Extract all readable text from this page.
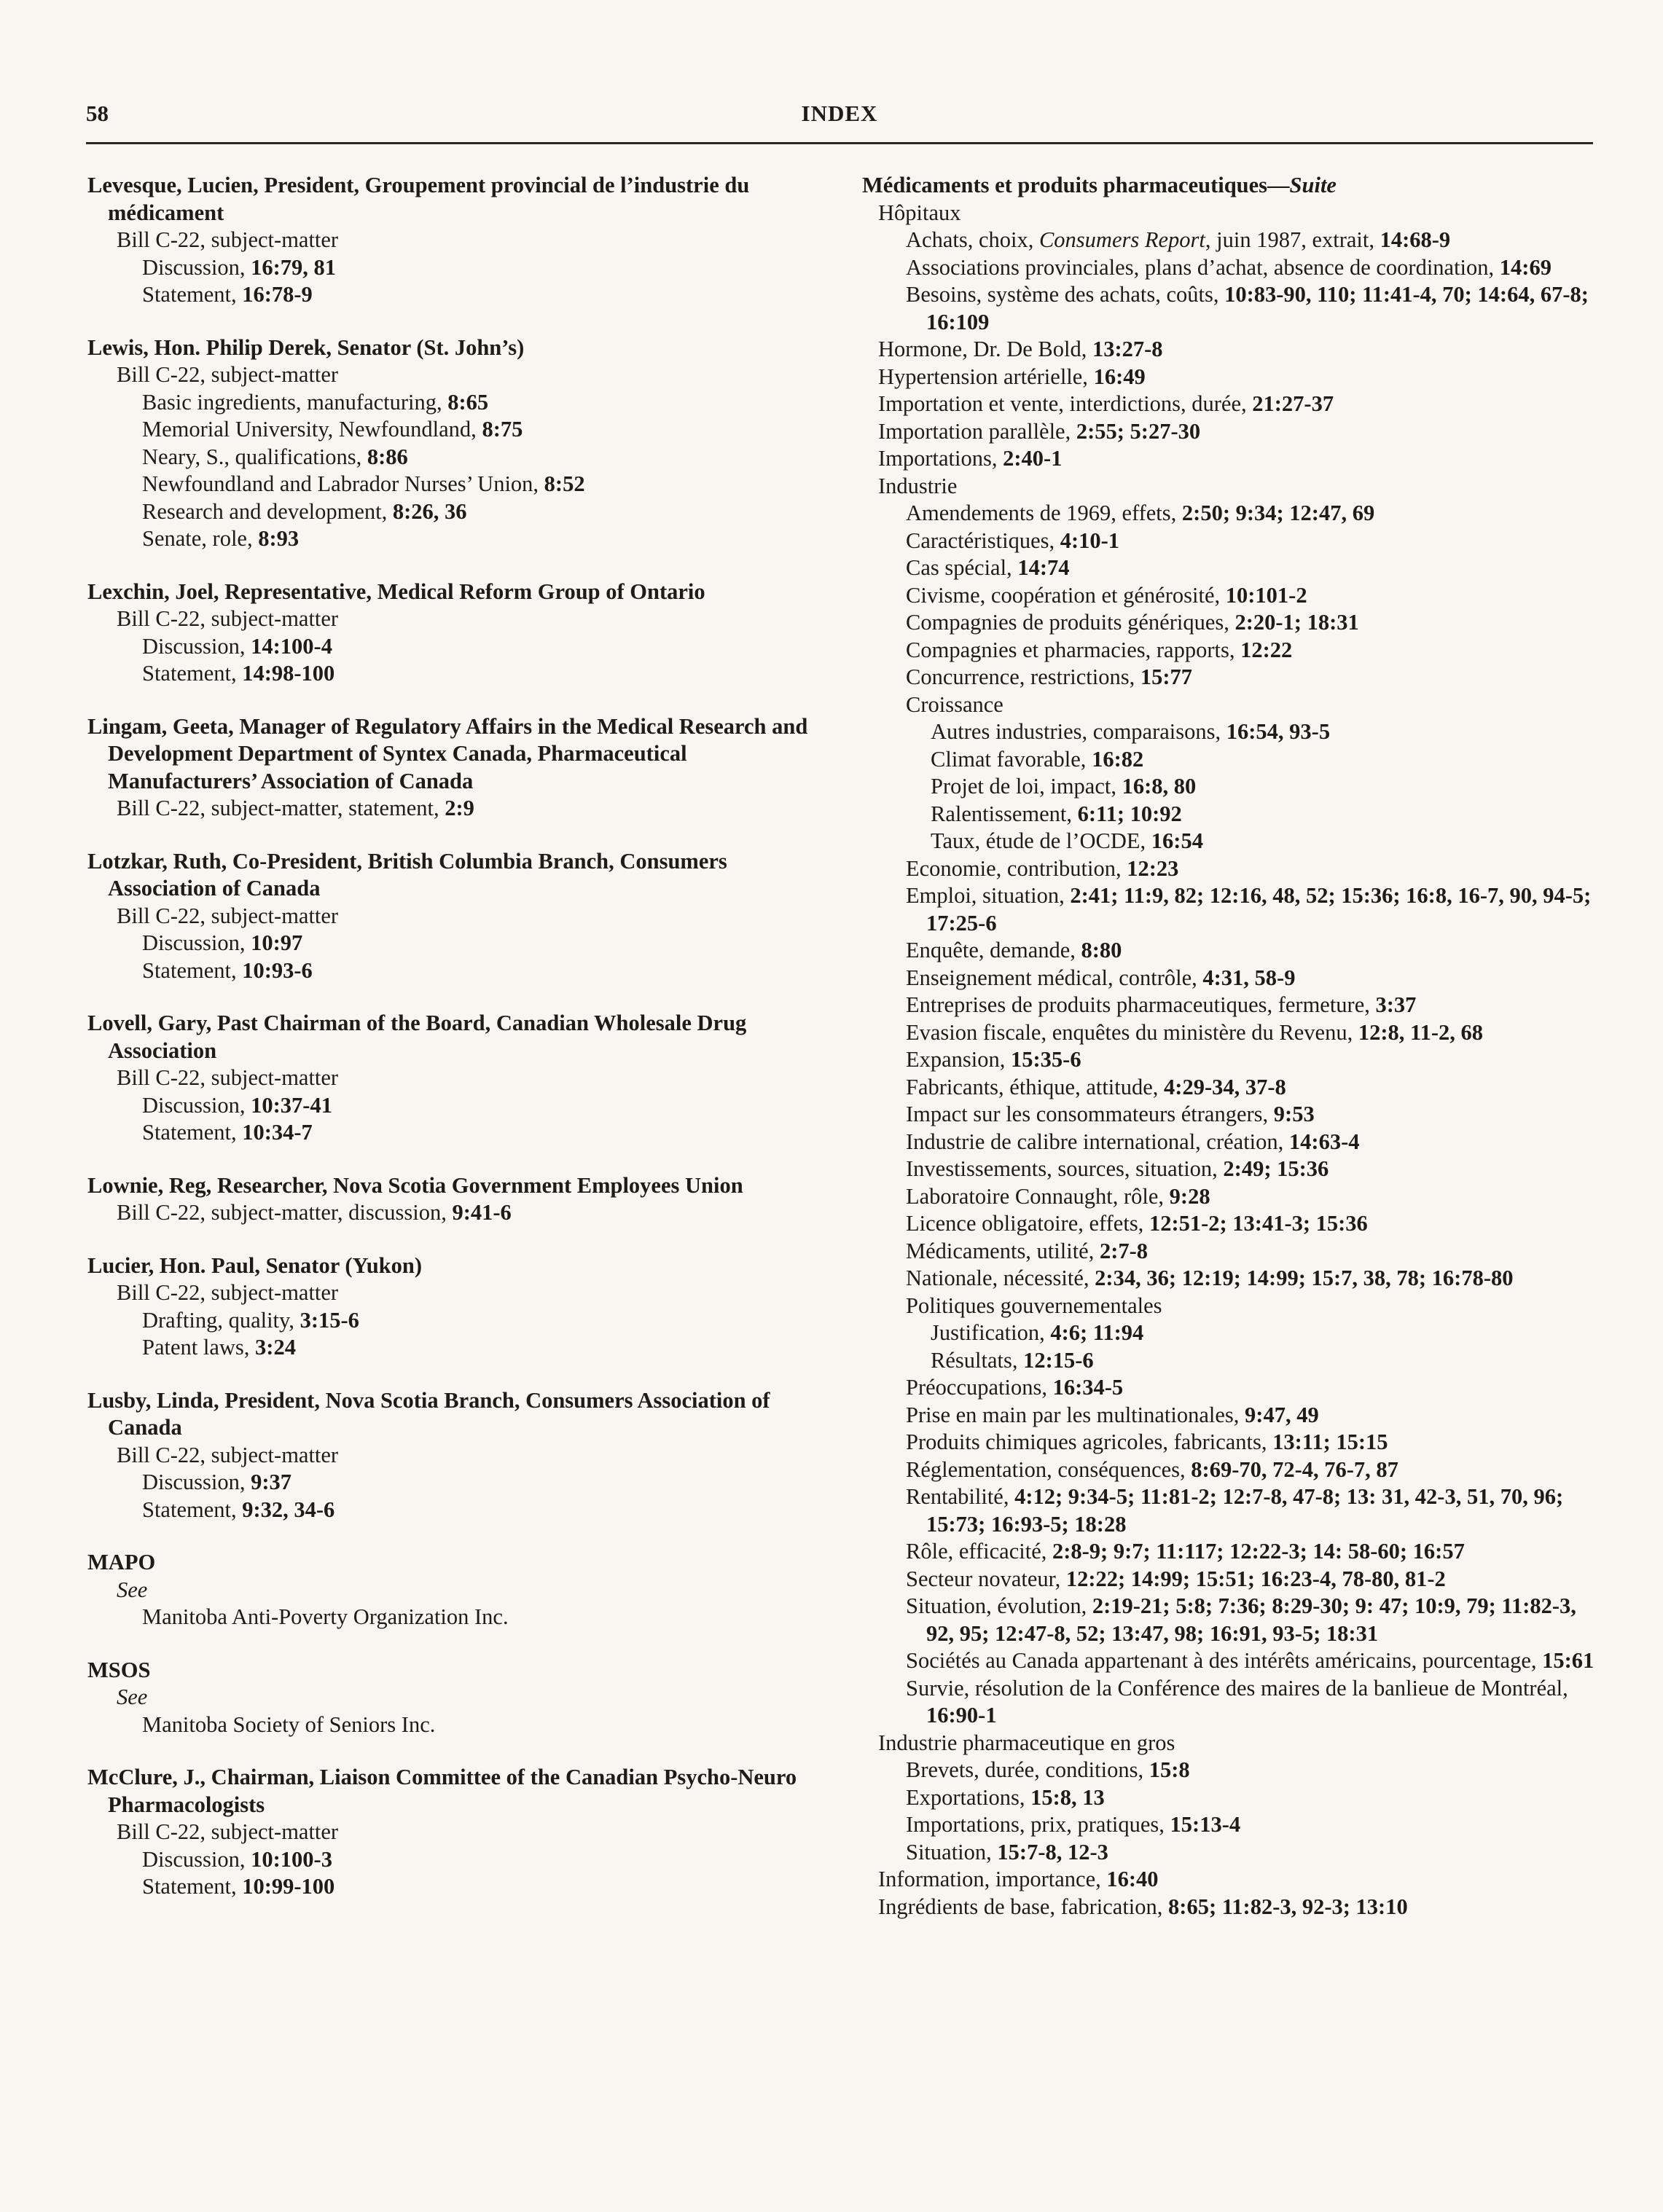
58	INDEX
Levesque, Lucien, President, Groupement provincial de l’industrie du médicament
Bill C-22, subject-matter
Discussion, 16:79, 81
Statement, 16:78-9
Lewis, Hon. Philip Derek, Senator (St. John’s)
Bill C-22, subject-matter
Basic ingredients, manufacturing, 8:65
Memorial University, Newfoundland, 8:75
Neary, S., qualifications, 8:86
Newfoundland and Labrador Nurses’ Union, 8:52
Research and development, 8:26, 36
Senate, role, 8:93
Lexchin, Joel, Representative, Medical Reform Group of Ontario
Bill C-22, subject-matter
Discussion, 14:100-4
Statement, 14:98-100
Lingam, Geeta, Manager of Regulatory Affairs in the Medical Research and Development Department of Syntex Canada, Pharmaceutical Manufacturers’ Association of Canada
Bill C-22, subject-matter, statement, 2:9
Lotzkar, Ruth, Co-President, British Columbia Branch, Consumers Association of Canada
Bill C-22, subject-matter
Discussion, 10:97
Statement, 10:93-6
Lovell, Gary, Past Chairman of the Board, Canadian Wholesale Drug Association
Bill C-22, subject-matter
Discussion, 10:37-41
Statement, 10:34-7
Lownie, Reg, Researcher, Nova Scotia Government Employees Union
Bill C-22, subject-matter, discussion, 9:41-6
Lucier, Hon. Paul, Senator (Yukon)
Bill C-22, subject-matter
Drafting, quality, 3:15-6
Patent laws, 3:24
Lusby, Linda, President, Nova Scotia Branch, Consumers Association of Canada
Bill C-22, subject-matter
Discussion, 9:37
Statement, 9:32, 34-6
MAPO
See
Manitoba Anti-Poverty Organization Inc.
MSOS
See
Manitoba Society of Seniors Inc.
McClure, J., Chairman, Liaison Committee of the Canadian Psycho-Neuro Pharmacologists
Bill C-22, subject-matter
Discussion, 10:100-3
Statement, 10:99-100
Médicaments et produits pharmaceutiques—Suite
Hôpitaux
Achats, choix, Consumers Report, juin 1987, extrait, 14:68-9
Associations provinciales, plans d’achat, absence de coordination, 14:69
Besoins, système des achats, coûts, 10:83-90, 110; 11:41-4, 70; 14:64, 67-8; 16:109
Hormone, Dr. De Bold, 13:27-8
Hypertension artérielle, 16:49
Importation et vente, interdictions, durée, 21:27-37
Importation parallèle, 2:55; 5:27-30
Importations, 2:40-1
Industrie
Amendements de 1969, effets, 2:50; 9:34; 12:47, 69
Caractéristiques, 4:10-1
Cas spécial, 14:74
Civisme, coopération et générosité, 10:101-2
Compagnies de produits génériques, 2:20-1; 18:31
Compagnies et pharmacies, rapports, 12:22
Concurrence, restrictions, 15:77
Croissance
Autres industries, comparaisons, 16:54, 93-5
Climat favorable, 16:82
Projet de loi, impact, 16:8, 80
Ralentissement, 6:11; 10:92
Taux, étude de l’OCDE, 16:54
Economie, contribution, 12:23
Emploi, situation, 2:41; 11:9, 82; 12:16, 48, 52; 15:36; 16:8, 16-7, 90, 94-5; 17:25-6
Enquête, demande, 8:80
Enseignement médical, contrôle, 4:31, 58-9
Entreprises de produits pharmaceutiques, fermeture, 3:37
Evasion fiscale, enquêtes du ministère du Revenu, 12:8, 11-2, 68
Expansion, 15:35-6
Fabricants, éthique, attitude, 4:29-34, 37-8
Impact sur les consommateurs étrangers, 9:53
Industrie de calibre international, création, 14:63-4
Investissements, sources, situation, 2:49; 15:36
Laboratoire Connaught, rôle, 9:28
Licence obligatoire, effets, 12:51-2; 13:41-3; 15:36
Médicaments, utilité, 2:7-8
Nationale, nécessité, 2:34, 36; 12:19; 14:99; 15:7, 38, 78; 16:78-80
Politiques gouvernementales
Justification, 4:6; 11:94
Résultats, 12:15-6
Préoccupations, 16:34-5
Prise en main par les multinationales, 9:47, 49
Produits chimiques agricoles, fabricants, 13:11; 15:15
Réglementation, conséquences, 8:69-70, 72-4, 76-7, 87
Rentabilité, 4:12; 9:34-5; 11:81-2; 12:7-8, 47-8; 13: 31, 42-3, 51, 70, 96; 15:73; 16:93-5; 18:28
Rôle, efficacité, 2:8-9; 9:7; 11:117; 12:22-3; 14: 58-60; 16:57
Secteur novateur, 12:22; 14:99; 15:51; 16:23-4, 78-80, 81-2
Situation, évolution, 2:19-21; 5:8; 7:36; 8:29-30; 9: 47; 10:9, 79; 11:82-3, 92, 95; 12:47-8, 52; 13:47, 98; 16:91, 93-5; 18:31
Sociétés au Canada appartenant à des intérêts américains, pourcentage, 15:61
Survie, résolution de la Conférence des maires de la banlieue de Montréal, 16:90-1
Industrie pharmaceutique en gros
Brevets, durée, conditions, 15:8
Exportations, 15:8, 13
Importations, prix, pratiques, 15:13-4
Situation, 15:7-8, 12-3
Information, importance, 16:40
Ingrédients de base, fabrication, 8:65; 11:82-3, 92-3; 13:10
